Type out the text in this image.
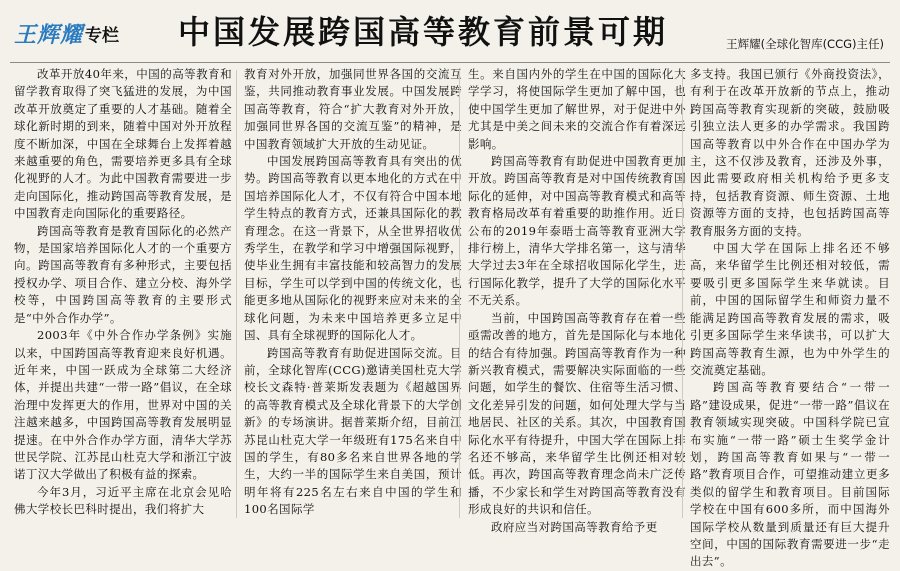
王辉耀 专栏 中国发展跨国高等教育前景可期	王辉耀(全球化智库(CCG)主任)

改革开放40年来，中国的高等教育和留学教育取得了突飞猛进的发展，为中国改革开放奠定了重要的人才基础。随着全球化新时期的到来，随着中国对外开放程度不断加深，中国在全球舞台上发挥着越来越重要的角色，需要培养更多具有全球化视野的人才。为此中国教育需要进一步走向国际化，推动跨国高等教育发展，是中国教育走向国际化的重要路径。

跨国高等教育是教育国际化的必然产物，是国家培养国际化人才的一个重要方向。跨国高等教育有多种形式，主要包括授权办学、项目合作、建立分校、海外学校等，中国跨国高等教育的主要形式是“中外合作办学”。

2003年《中外合作办学条例》实施以来，中国跨国高等教育迎来良好机遇。近年来，中国一跃成为全球第二大经济体，并提出共建“一带一路”倡议，在全球治理中发挥更大的作用，世界对中国的关注越来越多，中国跨国高等教育发展明显提速。在中外合作办学方面，清华大学苏世民学院、江苏昆山杜克大学和浙江宁波诺丁汉大学做出了积极有益的探索。

今年3月，习近平主席在北京会见哈佛大学校长巴科时提出，我们将扩大

教育对外开放，加强同世界各国的交流互鉴，共同推动教育事业发展。中国发展跨国高等教育，符合“扩大教育对外开放，加强同世界各国的交流互鉴”的精神，是中国教育领域扩大开放的生动见证。

中国发展跨国高等教育具有突出的优势。跨国高等教育以更本地化的方式在中国培养国际化人才，不仅有符合中国本地学生特点的教育方式，还兼具国际化的教育理念。在这一背景下，从全世界招收优秀学生，在教学和学习中增强国际视野，使毕业生拥有丰富技能和较高智力的发展目标，学生可以学到中国的传统文化，也能更多地从国际化的视野来应对未来的全球化问题，为未来中国培养更多立足中国、具有全球视野的国际化人才。

跨国高等教育有助促进国际交流。目前，全球化智库(CCG)邀请美国杜克大学校长文森特·普莱斯发表题为《超越国界的高等教育模式及全球化背景下的大学创新》的专场演讲。据普莱斯介绍，目前江苏昆山杜克大学一年级班有175名来自中国的学生，有80多名来自世界各地的学生，大约一半的国际学生来自美国，预计明年将有225名左右来自中国的学生和100名国际学

生。来自国内外的学生在中国的国际化大学学习，将使国际学生更加了解中国，也使中国学生更加了解世界，对于促进中外尤其是中美之间未来的交流合作有着深远影响。

跨国高等教育有助促进中国教育更加开放。跨国高等教育是对中国传统教育国际化的延伸，对中国高等教育模式和高等教育格局改革有着重要的助推作用。近日公布的2019年泰晤士高等教育亚洲大学排行榜上，清华大学排名第一，这与清华大学过去3年在全球招收国际化学生，进行国际化教学，提升了大学的国际化水平不无关系。

当前，中国跨国高等教育存在着一些亟需改善的地方，首先是国际化与本地化的结合有待加强。跨国高等教育作为一种新兴教育模式，需要解决实际面临的一些问题，如学生的餐饮、住宿等生活习惯、文化差异引发的问题，如何处理大学与当地居民、社区的关系。其次，中国教育国际化水平有待提升，中国大学在国际上排名还不够高，来华留学生比例还相对较低。再次，跨国高等教育理念尚未广泛传播，不少家长和学生对跨国高等教育没有形成良好的共识和信任。

政府应当对跨国高等教育给予更

多支持。我国已颁行《外商投资法》，有利于在改革开放新的节点上，推动跨国高等教育实现新的突破，鼓励吸引独立法人更多的办学需求。我国跨国高等教育以中外合作在中国办学为主，这不仅涉及教育，还涉及外事，因此需要政府相关机构给予更多支持，包括教育资源、师生资源、土地资源等方面的支持，也包括跨国高等教育服务方面的支持。

中国大学在国际上排名还不够高，来华留学生比例还相对较低，需要吸引更多国际学生来华就读。目前，中国的国际留学生和师资力量不能满足跨国高等教育发展的需求，吸引更多国际学生来华读书，可以扩大跨国高等教育生源，也为中外学生的交流奠定基础。

跨国高等教育要结合“一带一路”建设成果，促进“一带一路”倡议在教育领域实现突破。中国科学院已宣布实施“一带一路”硕士生奖学金计划，跨国高等教育如果与“一带一路”教育项目合作，可望推动建立更多类似的留学生和教育项目。目前国际学校在中国有600多所，而中国海外国际学校从数量到质量还有巨大提升空间，中国的国际教育需要进一步“走出去”。
